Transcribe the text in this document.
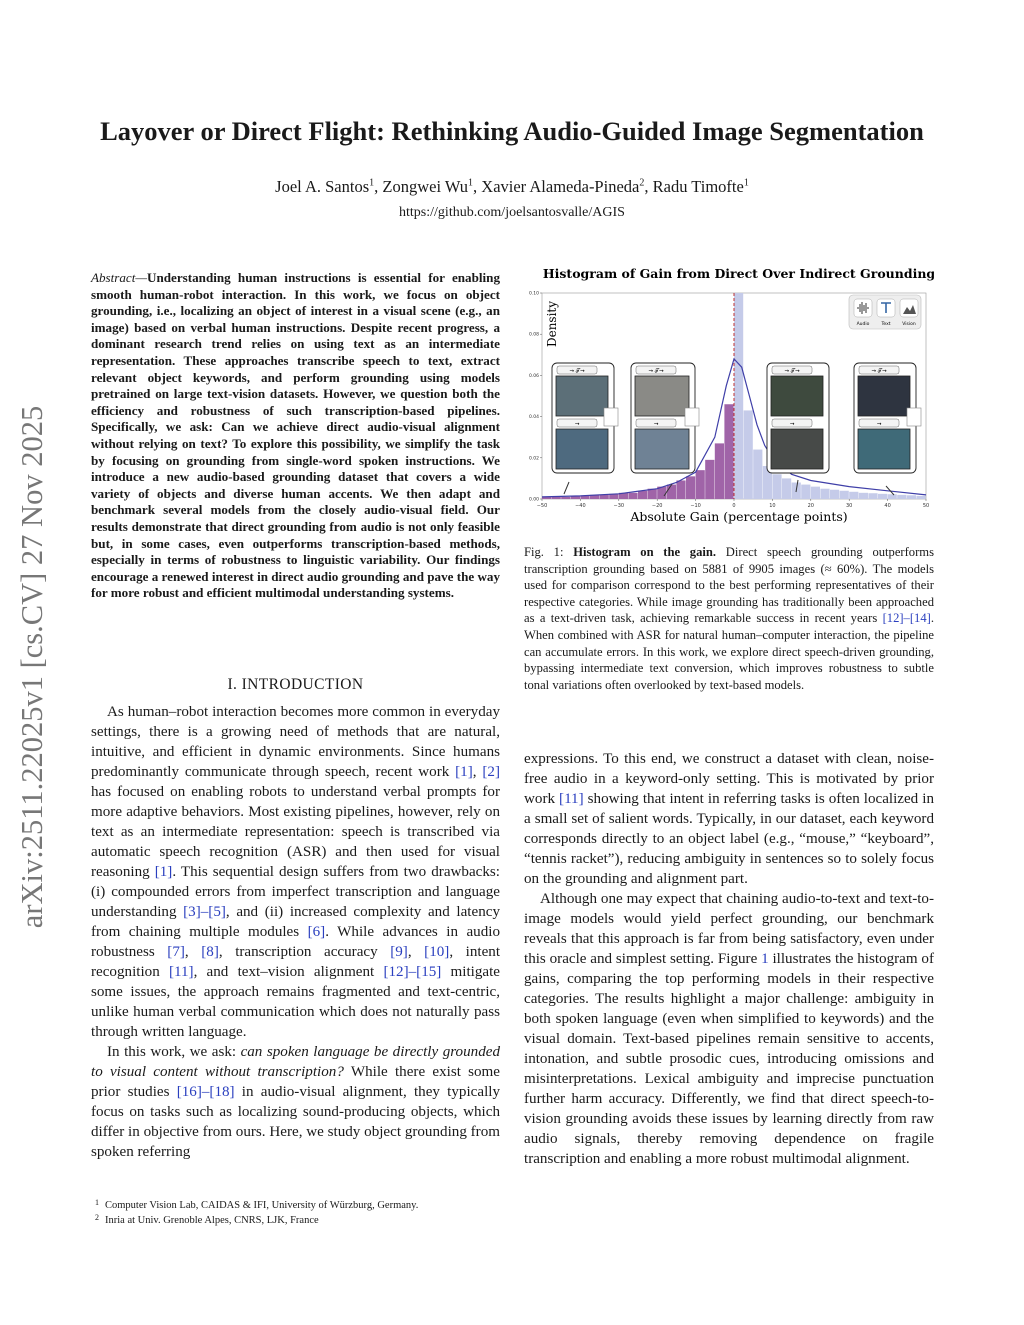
arXiv:2511.22025v1 [cs.CV] 27 Nov 2025
Layover or Direct Flight: Rethinking Audio-Guided Image Segmentation
Joel A. Santos$^1$, Zongwei Wu$^1$, Xavier Alameda-Pineda$^2$, Radu Timofte$^1$
https://github.com/joelsantosvalle/AGIS
Abstract—Understanding human instructions is essential for enabling smooth human-robot interaction. In this work, we focus on object grounding, i.e., localizing an object of interest in a visual scene (e.g., an image) based on verbal human instructions. Despite recent progress, a dominant research trend relies on using text as an intermediate representation. These approaches transcribe speech to text, extract relevant object keywords, and perform grounding using models pretrained on large text-vision datasets. However, we question both the efficiency and robustness of such transcription-based pipelines. Specifically, we ask: Can we achieve direct audio-visual alignment without relying on text? To explore this possibility, we simplify the task by focusing on grounding from single-word spoken instructions. We introduce a new audio-based grounding dataset that covers a wide variety of objects and diverse human accents. We then adapt and benchmark several models from the closely audio-visual field. Our results demonstrate that direct grounding from audio is not only feasible but, in some cases, even outperforms transcription-based methods, especially in terms of robustness to linguistic variability. Our findings encourage a renewed interest in direct audio grounding and pave the way for more robust and efficient multimodal understanding systems.
I. INTRODUCTION

As human–robot interaction becomes more common in everyday settings, there is a growing need of methods that are natural, intuitive, and efficient in dynamic environments. Since humans predominantly communicate through speech, recent work [1], [2] has focused on enabling robots to understand verbal prompts for more adaptive behaviors. Most existing pipelines, however, rely on text as an intermediate representation: speech is transcribed via automatic speech recognition (ASR) and then used for visual reasoning [1]. This sequential design suffers from two drawbacks: (i) compounded errors from imperfect transcription and language understanding [3]–[5], and (ii) increased complexity and latency from chaining multiple modules [6]. While advances in audio robustness [7], [8], transcription accuracy [9], [10], intent recognition [11], and text–vision alignment [12]–[15] mitigate some issues, the approach remains fragmented and text-centric, unlike human verbal communication which does not naturally pass through written language.

In this work, we ask: can spoken language be directly grounded to visual content without transcription? While there exist some prior studies [16]–[18] in audio-visual alignment, they typically focus on tasks such as localizing sound-producing objects, which differ in objective from ours. Here, we study object grounding from spoken referring

expressions. To this end, we construct a dataset with clean, noise-free audio in a keyword-only setting. This is motivated by prior work [11] showing that intent in referring tasks is often localized in a small set of salient words. Typically, in our dataset, each keyword corresponds directly to an object label (e.g., “mouse,” “keyboard”, “tennis racket”), reducing ambiguity in sentences so to solely focus on the grounding and alignment part.

Although one may expect that chaining audio-to-text and text-to-image models would yield perfect grounding, our benchmark reveals that this approach is far from being satisfactory, even under this oracle and simplest setting. Figure 1 illustrates the histogram of gains, comparing the top performing models in their respective categories. The results highlight a major challenge: ambiguity in both spoken language (even when simplified to keywords) and the visual domain. Text-based pipelines remain sensitive to accents, intonation, and subtle prosodic cues, introducing omissions and misinterpretations. Lexical ambiguity and imprecise punctuation further harm accuracy. Differently, we find that direct speech-to-vision grounding avoids these issues by learning directly from raw audio signals, thereby removing dependence on fragile transcription and enabling a more robust multimodal alignment.

1 Computer Vision Lab, CAIDAS & IFI, University of Würzburg, Germany.
2 Inria at Univ. Grenoble Alpes, CNRS, LJK, France
Histogram of Gain from Direct Over Indirect Grounding
Density
Absolute Gain (percentage points)
−50	−40	−30	−20	−10	0	10	20	30	40	50
0.00
0.02
0.04
0.06
0.08
0.10
Audio	Text	Vision
→ 𝒯→
→
→ 𝒯→
→
→ 𝒯→
→
→ 𝒯→
→
Fig. 1: Histogram on the gain. Direct speech grounding outperforms transcription grounding based on 5881 of 9905 images (≈ 60%). The models used for comparison correspond to the best performing representatives of their respective categories. While image grounding has traditionally been approached as a text-driven task, achieving remarkable success in recent years [12]–[14]. When combined with ASR for natural human–computer interaction, the pipeline can accumulate errors. In this work, we explore direct speech-driven grounding, bypassing intermediate text conversion, which improves robustness to subtle tonal variations often overlooked by text-based models.
